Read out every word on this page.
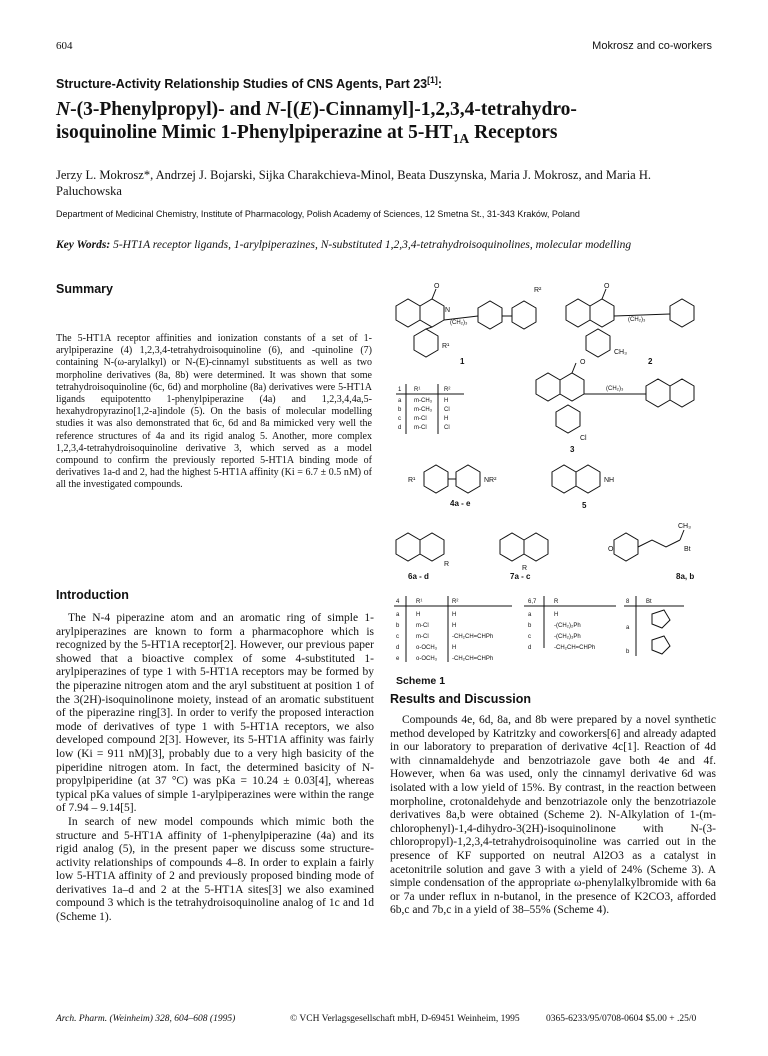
604	Mokrosz and co-workers
Structure-Activity Relationship Studies of CNS Agents, Part 23[1]:
N-(3-Phenylpropyl)- and N-[(E)-Cinnamyl]-1,2,3,4-tetrahydro-
isoquinoline Mimic 1-Phenylpiperazine at $5-HT_{1A}$ Receptors
Jerzy L. Mokrosz*, Andrzej J. Bojarski, Sijka Charakchieva-Minol, Beata Duszynska, Maria J. Mokrosz, and Maria H. Paluchowska
Department of Medicinal Chemistry, Institute of Pharmacology, Polish Academy of Sciences, 12 Smetna St., 31-343 Kraków, Poland
Key Words: 5-HT1A receptor ligands, 1-arylpiperazines, N-substituted 1,2,3,4-tetrahydroisoquinolines, molecular modelling
Summary
The 5-HT1A receptor affinities and ionization constants of a set of 1-arylpiperazine (4) 1,2,3,4-tetrahydroisoquinoline (6), and -quinoline (7) containing N-(ω-arylalkyl) or N-(E)-cinnamyl substituents as well as two morpholine derivatives (8a, 8b) were determined. It was shown that some tetrahydroisoquinoline (6c, 6d) and morpholine (8a) derivatives were 5-HT1A ligands equipotentto 1-phenylpiperazine (4a) and 1,2,3,4,4a,5-hexahydropyrazino[1,2-a]indole (5). On the basis of molecular modelling studies it was also demonstrated that 6c, 6d and 8a mimicked very well the reference structures of 4a and its rigid analog 5. Another, more complex 1,2,3,4-tetrahydroisoquinoline derivative 3, which served as a model compound to confirm the previously reported 5-HT1A binding mode of derivatives 1a-d and 2, had the highest 5-HT1A affinity (Ki = 6.7 ± 0.5 nM) of all the investigated compounds.
Introduction

The N-4 piperazine atom and an aromatic ring of simple 1-arylpiperazines are known to form a pharmacophore which is recognized by the 5-HT1A receptor[2]. However, our previous paper showed that a bioactive complex of some 4-substituted 1-arylpiperazines of type 1 with 5-HT1A receptors may be formed by the piperazine nitrogen atom and the aryl substituent at position 1 of the 3(2H)-isoquinolinone moiety, instead of an aromatic substituent of the piperazine ring[3]. In order to verify the proposed interaction mode of derivatives of type 1 with 5-HT1A receptors, we also developed compound 2[3]. However, its 5-HT1A affinity was fairly low (Ki = 911 nM)[3], probably due to a very high basicity of the piperidine nitrogen atom. In fact, the determined basicity of N-propylpiperidine (at 37 °C) was pKa = 10.24 ± 0.03[4], whereas typical pKa values of simple 1-arylpiperazines were within the range of 7.94 – 9.14[5].

In search of new model compounds which mimic both the structure and 5-HT1A affinity of 1-phenylpiperazine (4a) and its rigid analog (5), in the present paper we discuss some structure-activity relationships of compounds 4–8. In order to explain a fairly low 5-HT1A affinity of 2 and previously proposed binding mode of derivatives 1a–d and 2 at the 5-HT1A sites[3] we also examined compound 3 which is the tetrahydroisoquinoline analog of 1c and 1d (Scheme 1).

O
N
(CH₂)₃
R¹
R²
1
O
(CH₂)₃
CH₃
2
O
(CH₂)₃
Cl
3
1 R¹	R²
a m-CH₃ H
b m-CH₃ Cl
c m-Cl	H
d m-Cl	Cl
R¹	NR²
4a - e
NH
5
R
6a - d
R
7a - c
O
CH₃
Bt
8a, b
4	R¹	R²
a	H	H
b	m-Cl	H
c	m-Cl	-CH₂CH=CHPh
d	o-OCH₃ H
e	o-OCH₃ -CH₂CH=CHPh
6,7	R
a	H
b	-(CH₂)₂Ph
c	-(CH₂)₃Ph
d	-CH₂CH=CHPh
8	Bt
a
b
Scheme 1
Results and Discussion

Compounds 4e, 6d, 8a, and 8b were prepared by a novel synthetic method developed by Katritzky and coworkers[6] and already adapted in our laboratory to preparation of derivative 4c[1]. Reaction of 4d with cinnamaldehyde and benzotriazole gave both 4e and 4f. However, when 6a was used, only the cinnamyl derivative 6d was isolated with a low yield of 15%. By contrast, in the reaction between morpholine, crotonaldehyde and benzotriazole only the benzotriazole derivatives 8a,b were obtained (Scheme 2). N-Alkylation of 1-(m-chlorophenyl)-1,4-dihydro-3(2H)-isoquinolinone with N-(3-chloropropyl)-1,2,3,4-tetrahydroisoquinoline was carried out in the presence of KF supported on neutral Al2O3 as a catalyst in acetonitrile solution and gave 3 with a yield of 24% (Scheme 3). A simple condensation of the appropriate ω-phenylalkylbromide with 6a or 7a under reflux in n-butanol, in the presence of K2CO3, afforded 6b,c and 7b,c in a yield of 38–55% (Scheme 4).

Arch. Pharm. (Weinheim) 328, 604–608 (1995)	© VCH Verlagsgesellschaft mbH, D-69451 Weinheim, 1995	0365-6233/95/0708-0604 $5.00 + .25/0
